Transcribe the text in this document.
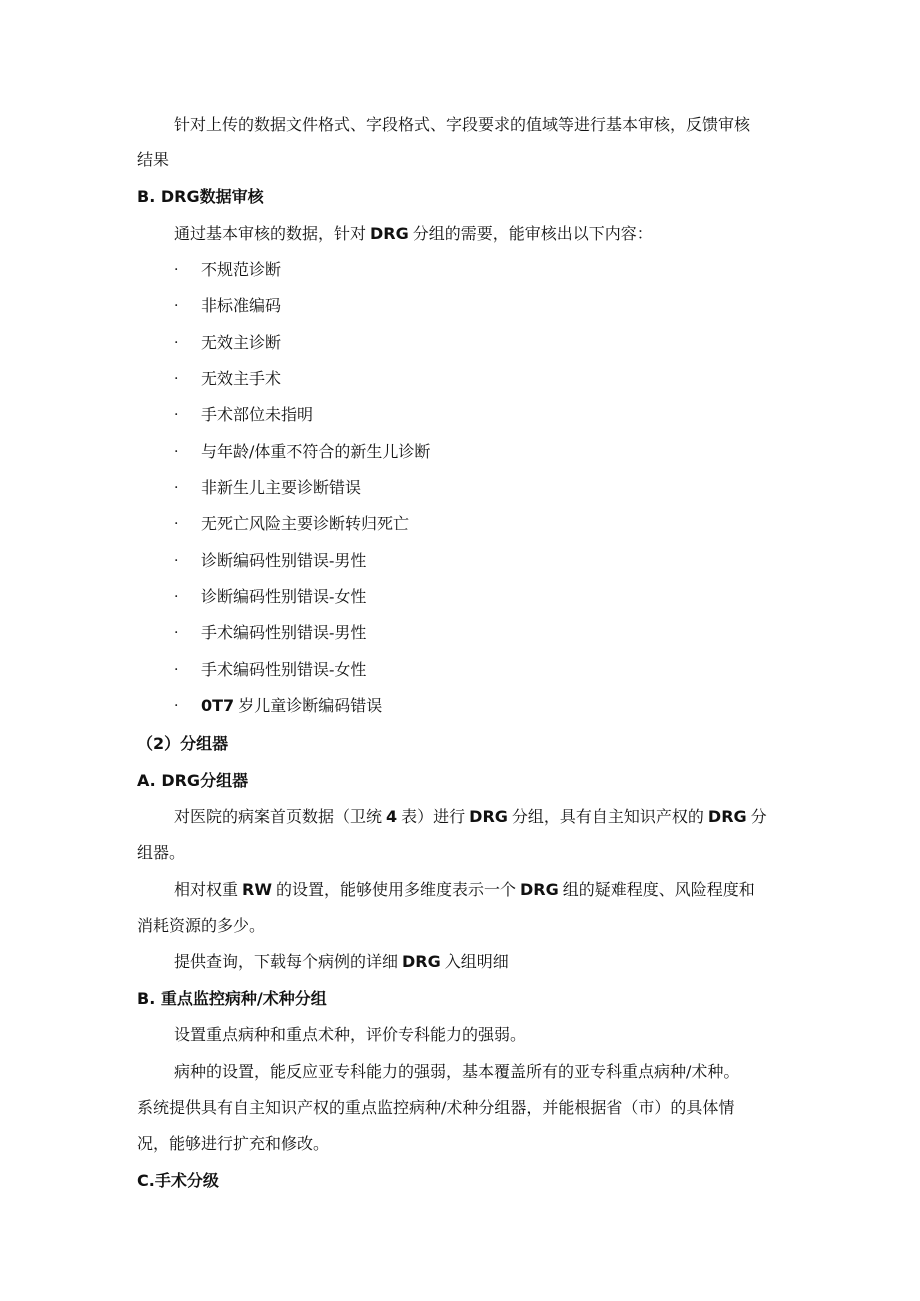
针对上传的数据文件格式、字段格式、字段要求的值域等进行基本审核，反馈审核
结果
B. DRG数据审核
通过基本审核的数据，针对 DRG 分组的需要，能审核出以下内容：
· 不规范诊断
· 非标准编码
· 无效主诊断
· 无效主手术
· 手术部位未指明
· 与年龄/体重不符合的新生儿诊断
· 非新生儿主要诊断错误
· 无死亡风险主要诊断转归死亡
· 诊断编码性别错误-男性
· 诊断编码性别错误-女性
· 手术编码性别错误-男性
· 手术编码性别错误-女性
· 0T7 岁儿童诊断编码错误
（2）分组器
A. DRG分组器
对医院的病案首页数据（卫统 4 表）进行 DRG 分组，具有自主知识产权的 DRG 分
组器。
相对权重 RW 的设置，能够使用多维度表示一个 DRG 组的疑难程度、风险程度和
消耗资源的多少。
提供查询，下载每个病例的详细 DRG 入组明细
B. 重点监控病种/术种分组
设置重点病种和重点术种，评价专科能力的强弱。
病种的设置，能反应亚专科能力的强弱，基本覆盖所有的亚专科重点病种/术种。
系统提供具有自主知识产权的重点监控病种/术种分组器，并能根据省（市）的具体情
况，能够进行扩充和修改。
C.手术分级
